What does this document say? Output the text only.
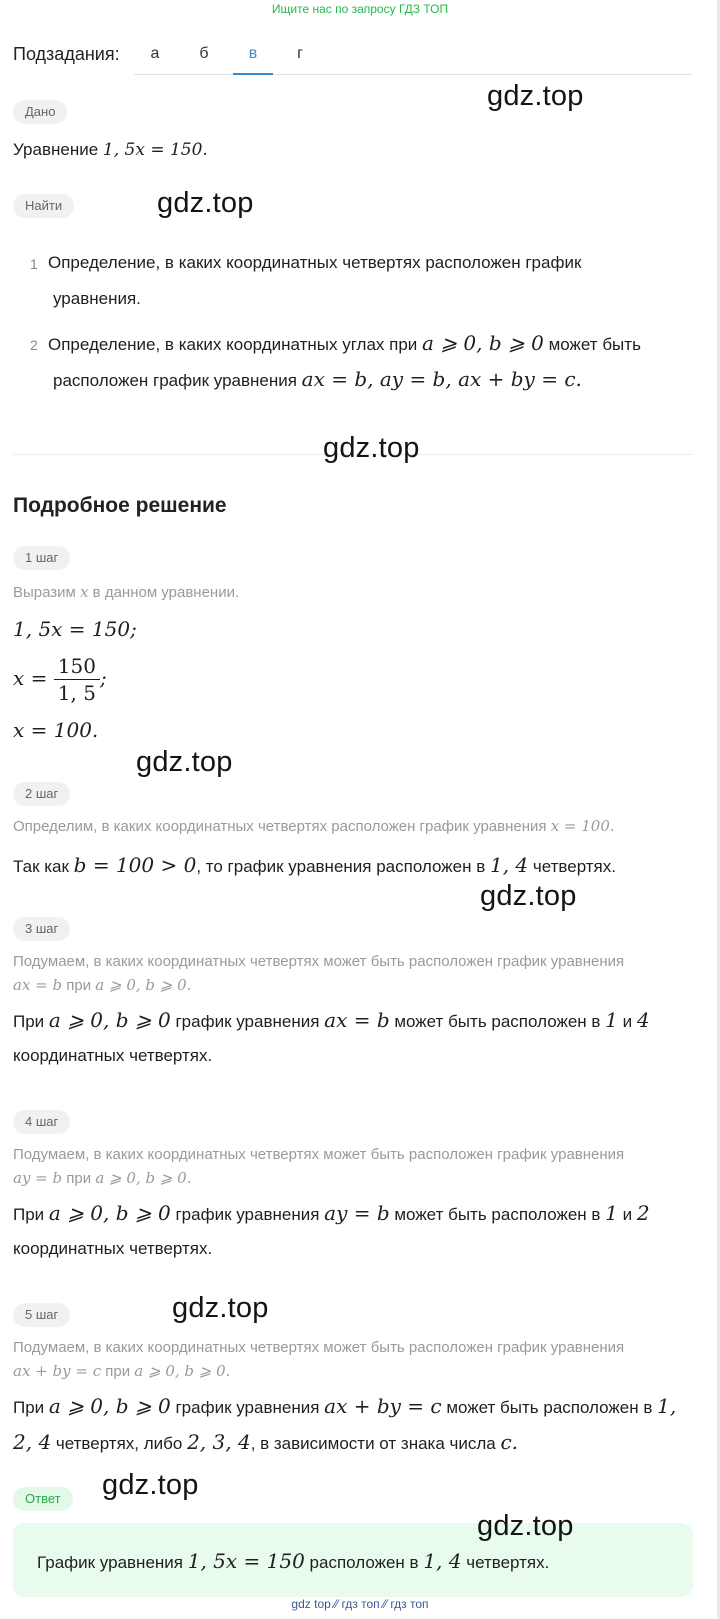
Ищите нас по запросу ГДЗ ТОП
Подзадания:	а	б	в	г
Дано	gdz.top
Уравнение 1, 5x = 150.
Найти	gdz.top
1 Определение, в каких координатных четвертях расположен график
уравнения.
2 Определение, в каких координатных углах при a ⩾ 0, b ⩾ 0 может быть
расположен график уравнения ax = b, ay = b, ax + by = c.
gdz.top
Подробное решение
1 шаг
Выразим x в данном уравнении.
1, 5x = 150;
$x = \frac{150}{1, 5}$ ;
x = 100.
gdz.top
2 шаг
Определим, в каких координатных четвертях расположен график уравнения x = 100.
Так как b = 100 > 0, то график уравнения расположен в 1, 4 четвертях.
gdz.top
3 шаг
Подумаем, в каких координатных четвертях может быть расположен график уравнения
ax = b при a ⩾ 0, b ⩾ 0.
При a ⩾ 0, b ⩾ 0 график уравнения ax = b может быть расположен в 1 и 4
координатных четвертях.
4 шаг
Подумаем, в каких координатных четвертях может быть расположен график уравнения
ay = b при a ⩾ 0, b ⩾ 0.
При a ⩾ 0, b ⩾ 0 график уравнения ay = b может быть расположен в 1 и 2
координатных четвертях.
5 шаг	gdz.top
Подумаем, в каких координатных четвертях может быть расположен график уравнения
ax + by = c при a ⩾ 0, b ⩾ 0.
При a ⩾ 0, b ⩾ 0 график уравнения ax + by = c может быть расположен в 1,
2, 4 четвертях, либо 2, 3, 4, в зависимости от знака числа c.
Ответ	gdz.top
gdz.top
График уравнения 1, 5x = 150 расположен в 1, 4 четвертях.
gdz top ⁄⁄ гдз топ ⁄⁄ гдз топ
